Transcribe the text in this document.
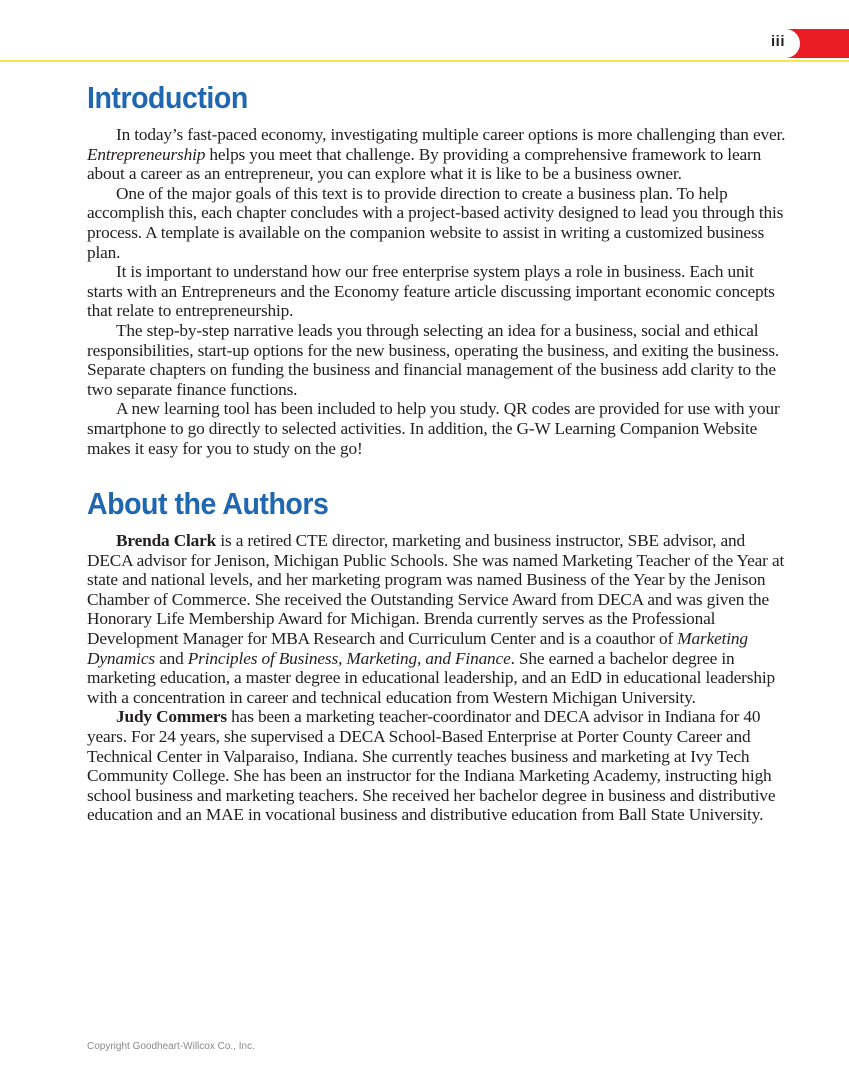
iii
Introduction

In today’s fast-paced economy, investigating multiple career options is more challenging than ever. Entrepreneurship helps you meet that challenge. By providing a comprehensive framework to learn about a career as an entrepreneur, you can explore what it is like to be a business owner.

One of the major goals of this text is to provide direction to create a business plan. To help accomplish this, each chapter concludes with a project-based activity designed to lead you through this process. A template is available on the companion website to assist in writing a customized business plan.

It is important to understand how our free enterprise system plays a role in business. Each unit starts with an Entrepreneurs and the Economy feature article discussing important economic concepts that relate to entrepreneurship.

The step-by-step narrative leads you through selecting an idea for a business, social and ethical responsibilities, start-up options for the new business, operating the business, and exiting the business. Separate chapters on funding the business and financial management of the business add clarity to the two separate finance functions.

A new learning tool has been included to help you study. QR codes are provided for use with your smartphone to go directly to selected activities. In addition, the G-W Learning Companion Website makes it easy for you to study on the go!

About the Authors

Brenda Clark is a retired CTE director, marketing and business instructor, SBE advisor, and DECA advisor for Jenison, Michigan Public Schools. She was named Marketing Teacher of the Year at state and national levels, and her marketing program was named Business of the Year by the Jenison Chamber of Commerce. She received the Outstanding Service Award from DECA and was given the Honorary Life Membership Award for Michigan. Brenda currently serves as the Professional Development Manager for MBA Research and Curriculum Center and is a coauthor of Marketing Dynamics and Principles of Business, Marketing, and Finance. She earned a bachelor degree in marketing education, a master degree in educational leadership, and an EdD in educational leadership with a concentration in career and technical education from Western Michigan University.

Judy Commers has been a marketing teacher-coordinator and DECA advisor in Indiana for 40 years. For 24 years, she supervised a DECA School-Based Enterprise at Porter County Career and Technical Center in Valparaiso, Indiana. She currently teaches business and marketing at Ivy Tech Community College. She has been an instructor for the Indiana Marketing Academy, instructing high school business and marketing teachers. She received her bachelor degree in business and distributive education and an MAE in vocational business and distributive education from Ball State University.

Copyright Goodheart-Willcox Co., Inc.
